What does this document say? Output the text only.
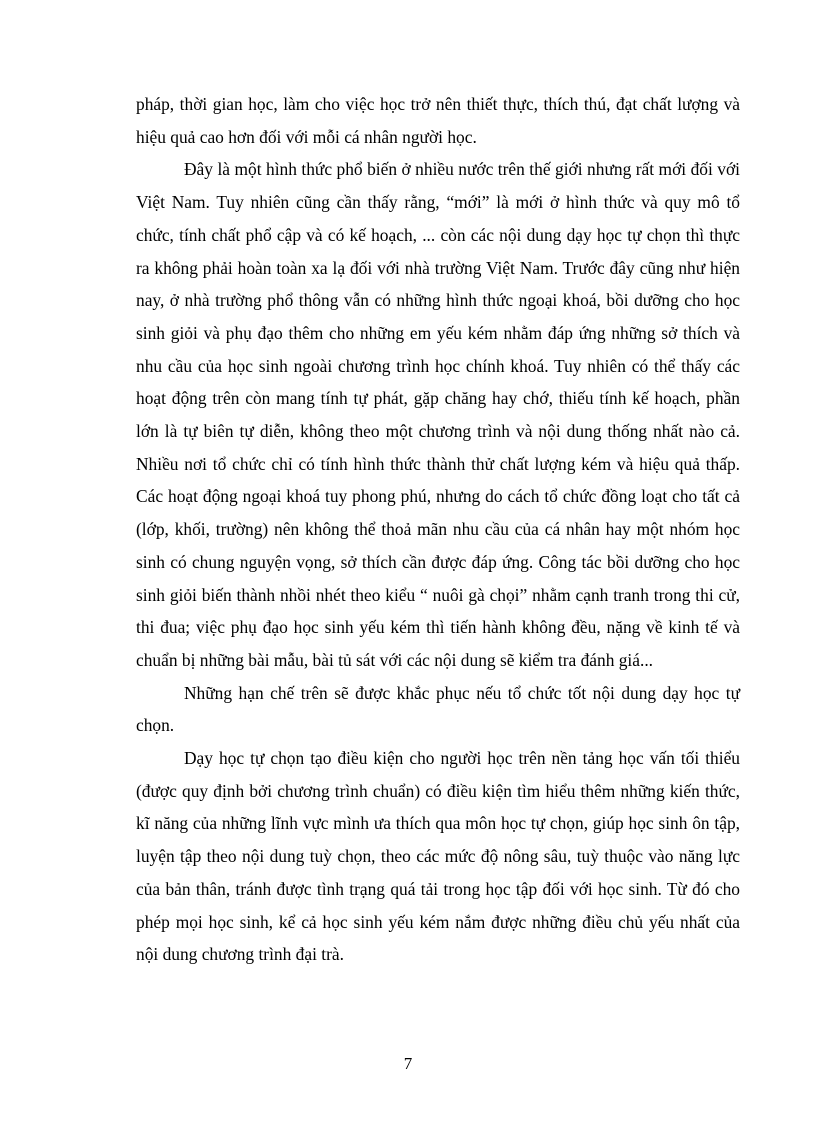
pháp, thời gian học, làm cho việc học trở nên thiết thực, thích thú, đạt chất lượng và hiệu quả cao hơn đối với mỗi cá nhân người học.

Đây là một hình thức phổ biến ở nhiều nước trên thế giới nhưng rất mới đối với Việt Nam. Tuy nhiên cũng cần thấy rằng, “mới” là mới ở hình thức và quy mô tổ chức, tính chất phổ cập và có kế hoạch, ... còn các nội dung dạy học tự chọn thì thực ra không phải hoàn toàn xa lạ đối với nhà trường Việt Nam. Trước đây cũng như hiện nay, ở nhà trường phổ thông vẫn có những hình thức ngoại khoá, bồi dưỡng cho học sinh giỏi và phụ đạo thêm cho những em yếu kém nhằm đáp ứng những sở thích và nhu cầu của học sinh ngoài chương trình học chính khoá. Tuy nhiên có thể thấy các hoạt động trên còn mang tính tự phát, gặp chăng hay chớ, thiếu tính kế hoạch, phần lớn là tự biên tự diễn, không theo một chương trình và nội dung thống nhất nào cả. Nhiều nơi tổ chức chỉ có tính hình thức thành thử chất lượng kém và hiệu quả thấp. Các hoạt động ngoại khoá tuy phong phú, nhưng do cách tổ chức đồng loạt cho tất cả (lớp, khối, trường) nên không thể thoả mãn nhu cầu của cá nhân hay một nhóm học sinh có chung nguyện vọng, sở thích cần được đáp ứng. Công tác bồi dưỡng cho học sinh giỏi biến thành nhồi nhét theo kiểu “ nuôi gà chọi” nhằm cạnh tranh trong thi cử, thi đua; việc phụ đạo học sinh yếu kém thì tiến hành không đều, nặng về kinh tế và chuẩn bị những bài mẫu, bài tủ sát với các nội dung sẽ kiểm tra đánh giá...

Những hạn chế trên sẽ được khắc phục nếu tổ chức tốt nội dung dạy học tự chọn.

Dạy học tự chọn tạo điều kiện cho người học trên nền tảng học vấn tối thiểu (được quy định bởi chương trình chuẩn) có điều kiện tìm hiểu thêm những kiến thức, kĩ năng của những lĩnh vực mình ưa thích qua môn học tự chọn, giúp học sinh ôn tập, luyện tập theo nội dung tuỳ chọn, theo các mức độ nông sâu, tuỳ thuộc vào năng lực của bản thân, tránh được tình trạng quá tải trong học tập đối với học sinh. Từ đó cho phép mọi học sinh, kể cả học sinh yếu kém nắm được những điều chủ yếu nhất của nội dung chương trình đại trà.

7
